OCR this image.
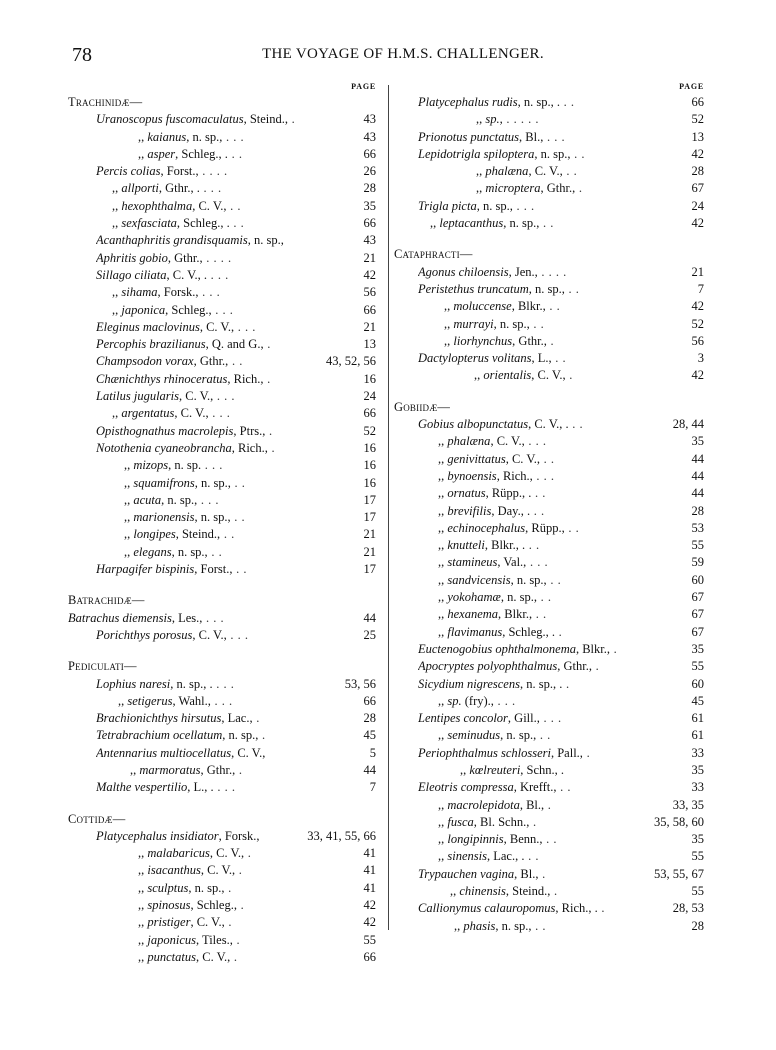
78	THE VOYAGE OF H.M.S. CHALLENGER.
PAGE
Trachinidæ—
Uranoscopus fuscomaculatus, Steind., .	43
,, kaianus, n. sp., . . .	43
,, asper, Schleg., . . .	66
Percis colias, Forst., . . . .	26
,, allporti, Gthr., . . . .	28
,, hexophthalma, C. V., . .	35
,, sexfasciata, Schleg., . . .	66
Acanthaphritis grandisquamis, n. sp.,	43
Aphritis gobio, Gthr., . . . .	21
Sillago ciliata, C. V., . . . .	42
,, sihama, Forsk., . . .	56
,, japonica, Schleg., . . .	66
Eleginus maclovinus, C. V., . . .	21
Percophis brazilianus, Q. and G., .	13
Champsodon vorax, Gthr., . .	43, 52, 56
Chænichthys rhinoceratus, Rich., .	16
Latilus jugularis, C. V., . . .	24
,, argentatus, C. V., . . .	66
Opisthognathus macrolepis, Ptrs., .	52
Notothenia cyaneobrancha, Rich., .	16
,, mizops, n. sp. . . .	16
,, squamifrons, n. sp., . .	16
,, acuta, n. sp., . . .	17
,, marionensis, n. sp., . .	17
,, longipes, Steind., . .	21
,, elegans, n. sp., . .	21
Harpagifer bispinis, Forst., . .	17
Batrachidæ—
Batrachus diemensis, Les., . . .	44
Porichthys porosus, C. V., . . .	25
Pediculati—
Lophius naresi, n. sp., . . . .	53, 56
,, setigerus, Wahl., . . .	66
Brachionichthys hirsutus, Lac., .	28
Tetrabrachium ocellatum, n. sp., .	45
Antennarius multiocellatus, C. V.,	5
,, marmoratus, Gthr., .	44
Malthe vespertilio, L., . . . .	7
Cottidæ—
Platycephalus insidiator, Forsk.,	33, 41, 55, 66
,, malabaricus, C. V., .	41
,, isacanthus, C. V., .	41
,, sculptus, n. sp., .	41
,, spinosus, Schleg., .	42
,, pristiger, C. V., .	42
,, japonicus, Tiles., .	55
,, punctatus, C. V., .	66
PAGE
Platycephalus rudis, n. sp., . . .	66
,, sp., . . . . .	52
Prionotus punctatus, Bl., . . .	13
Lepidotrigla spiloptera, n. sp., . .	42
,, phalæna, C. V., . .	28
,, microptera, Gthr., .	67
Trigla picta, n. sp., . . .	24
,, leptacanthus, n. sp., . .	42
Cataphracti—
Agonus chiloensis, Jen., . . . .	21
Peristethus truncatum, n. sp., . .	7
,, moluccense, Blkr., . .	42
,, murrayi, n. sp., . .	52
,, liorhynchus, Gthr., .	56
Dactylopterus volitans, L., . .	3
,, orientalis, C. V., .	42
Gobiidæ—
Gobius albopunctatus, C. V., . . .	28, 44
,, phalæna, C. V., . . .	35
,, genivittatus, C. V., . .	44
,, bynoensis, Rich., . . .	44
,, ornatus, Rüpp., . . .	44
,, brevifilis, Day., . . .	28
,, echinocephalus, Rüpp., . .	53
,, knutteli, Blkr., . . .	55
,, stamineus, Val., . . .	59
,, sandvicensis, n. sp., . .	60
,, yokohamæ, n. sp., . .	67
,, hexanema, Blkr., . .	67
,, flavimanus, Schleg., . .	67
Euctenogobius ophthalmonema, Blkr., .	35
Apocryptes polyophthalmus, Gthr., .	55
Sicydium nigrescens, n. sp., . .	60
,, sp. (fry)., . . .	45
Lentipes concolor, Gill., . . .	61
,, seminudus, n. sp., . .	61
Periophthalmus schlosseri, Pall., .	33
,, kœlreuteri, Schn., .	35
Eleotris compressa, Krefft., . .	33
,, macrolepidota, Bl., .	33, 35
,, fusca, Bl. Schn., .	35, 58, 60
,, longipinnis, Benn., . .	35
,, sinensis, Lac., . . .	55
Trypauchen vagina, Bl., .	53, 55, 67
,, chinensis, Steind., .	55
Callionymus calauropomus, Rich., . .	28, 53
,, phasis, n. sp., . .	28
